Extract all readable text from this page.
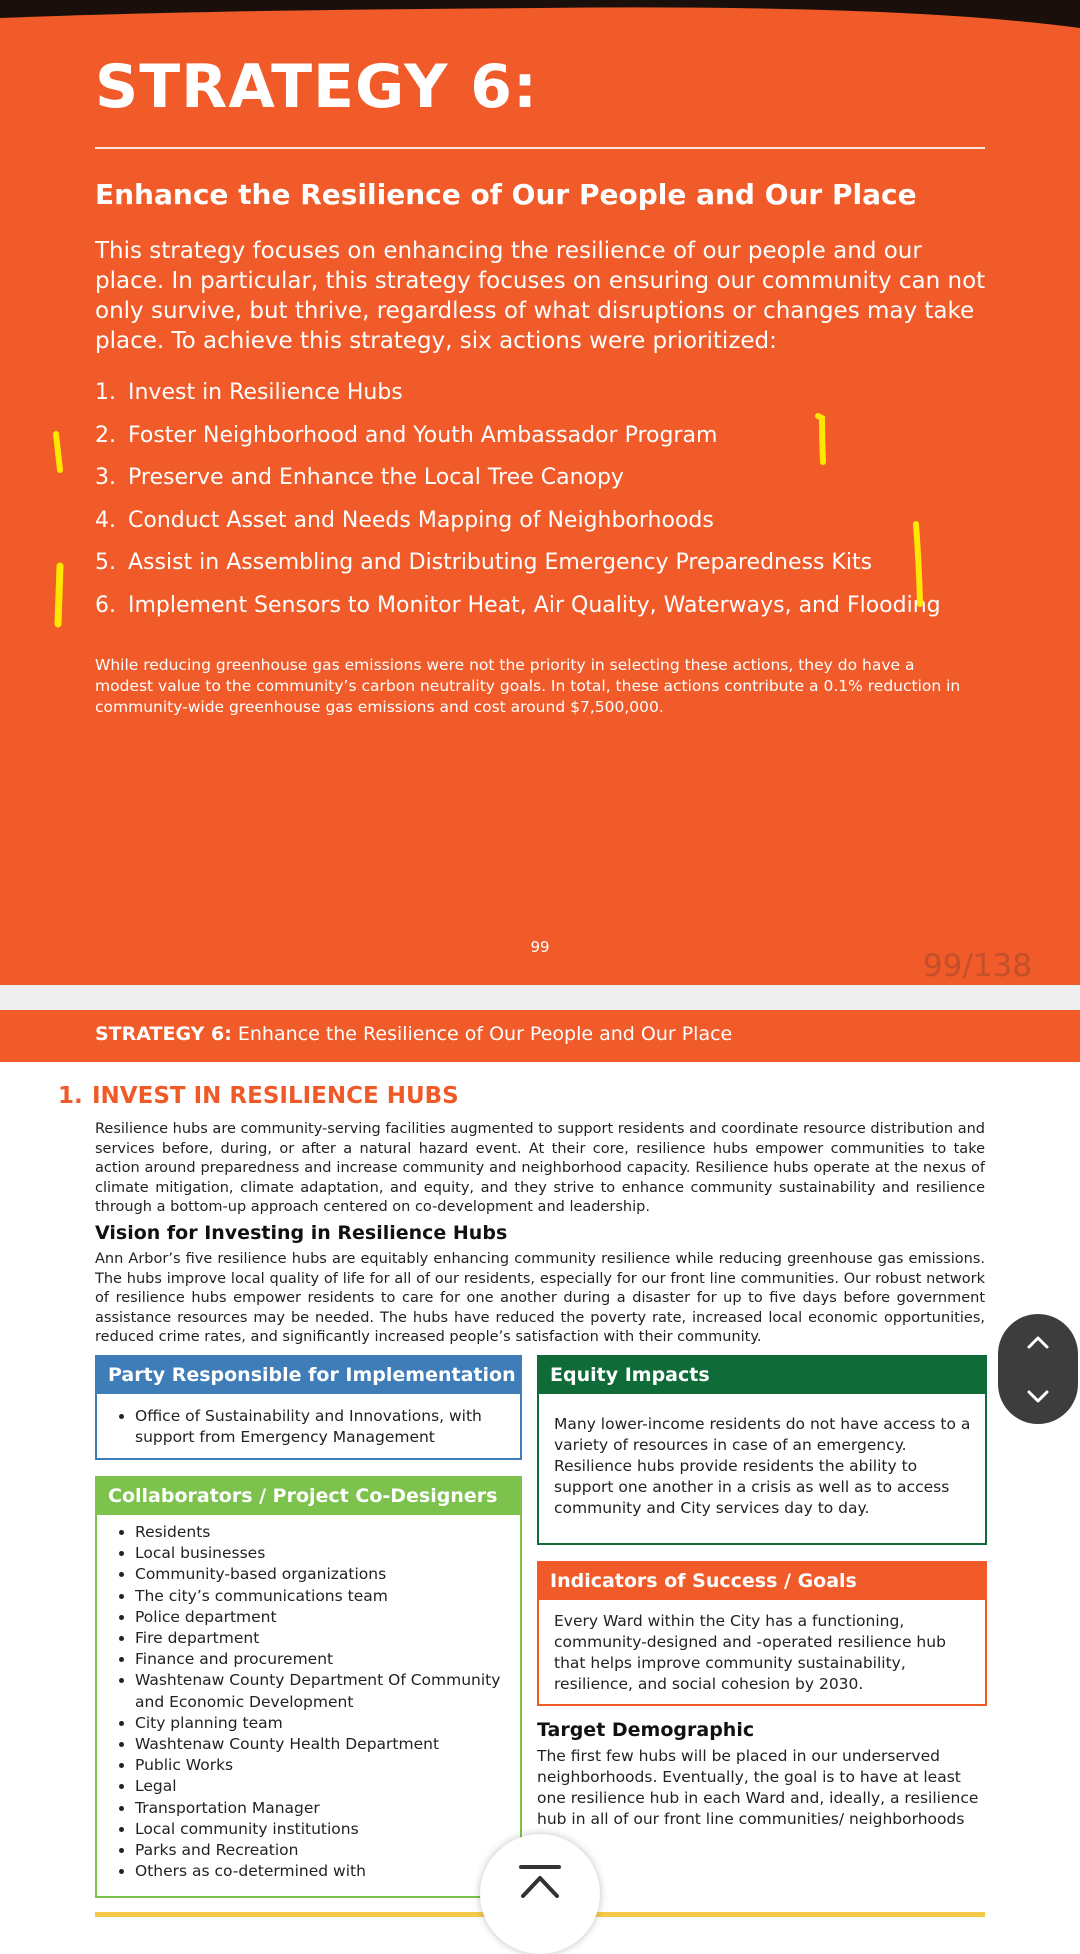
STRATEGY 6:
Enhance the Resilience of Our People and Our Place
This strategy focuses on enhancing the resilience of our people and our place. In particular, this strategy focuses on ensuring our community can not only survive, but thrive, regardless of what disruptions or changes may take place. To achieve this strategy, six actions were prioritized:
1. Invest in Resilience Hubs
2. Foster Neighborhood and Youth Ambassador Program
3. Preserve and Enhance the Local Tree Canopy
4. Conduct Asset and Needs Mapping of Neighborhoods
5. Assist in Assembling and Distributing Emergency Preparedness Kits
6. Implement Sensors to Monitor Heat, Air Quality, Waterways, and Flooding
While reducing greenhouse gas emissions were not the priority in selecting these actions, they do have a modest value to the community’s carbon neutrality goals. In total, these actions contribute a 0.1% reduction in community-wide greenhouse gas emissions and cost around $7,500,000.
99
99/138
STRATEGY 6: Enhance the Resilience of Our People and Our Place
1. INVEST IN RESILIENCE HUBS
Resilience hubs are community-serving facilities augmented to support residents and coordinate resource distribution and services before, during, or after a natural hazard event. At their core, resilience hubs empower communities to take action around preparedness and increase community and neighborhood capacity. Resilience hubs operate at the nexus of climate mitigation, climate adaptation, and equity, and they strive to enhance community sustainability and resilience through a bottom-up approach centered on co-development and leadership.
Vision for Investing in Resilience Hubs
Ann Arbor’s five resilience hubs are equitably enhancing community resilience while reducing greenhouse gas emissions. The hubs improve local quality of life for all of our residents, especially for our front line communities. Our robust network of resilience hubs empower residents to care for one another during a disaster for up to five days before government assistance resources may be needed. The hubs have reduced the poverty rate, increased local economic opportunities, reduced crime rates, and significantly increased people’s satisfaction with their community.
Party Responsible for Implementation
• Office of Sustainability and Innovations, with support from Emergency Management
Collaborators / Project Co-Designers
• Residents
• Local businesses
• Community-based organizations
• The city’s communications team
• Police department
• Fire department
• Finance and procurement
• Washtenaw County Department Of Community and Economic Development
• City planning team
• Washtenaw County Health Department
• Public Works
• Legal
• Transportation Manager
• Local community institutions
• Parks and Recreation
• Others as co-determined with
Equity Impacts

Many lower-income residents do not have access to a variety of resources in case of an emergency. Resilience hubs provide residents the ability to support one another in a crisis as well as to access community and City services day to day.

Indicators of Success / Goals

Every Ward within the City has a functioning, community-designed and -operated resilience hub that helps improve community sustainability, resilience, and social cohesion by 2030.

Target Demographic
The first few hubs will be placed in our underserved neighborhoods. Eventually, the goal is to have at least one resilience hub in each Ward and, ideally, a resilience hub in all of our front line communities/ neighborhoods
